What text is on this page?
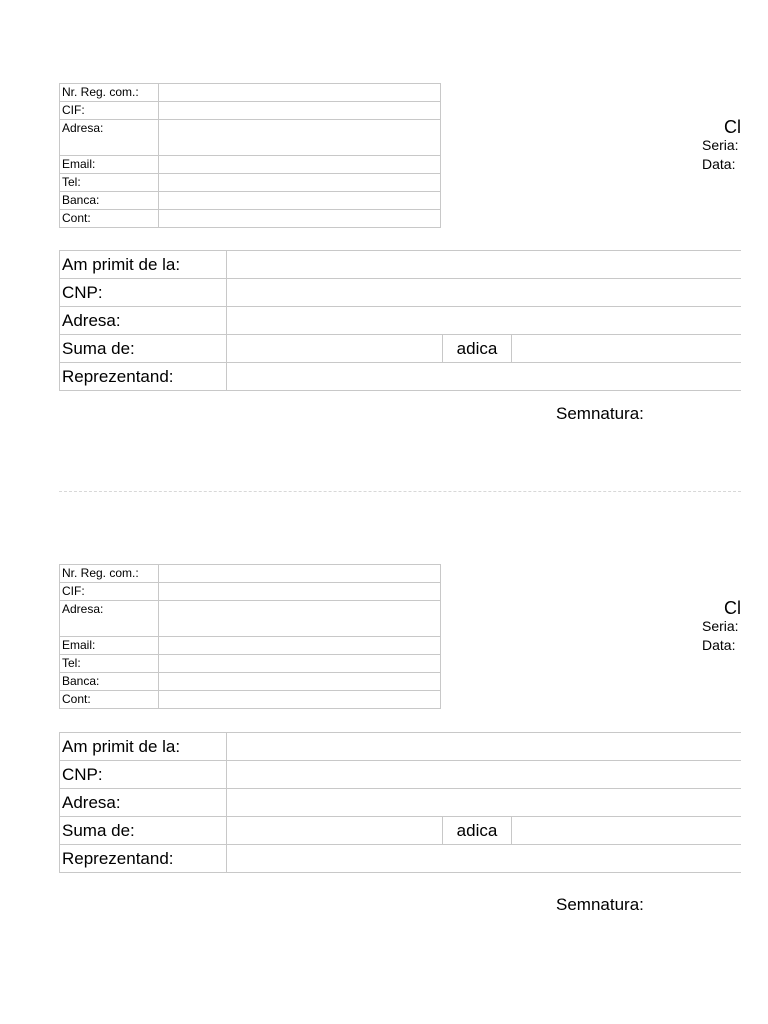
Nr. Reg. com.:	
CIF:	
Adresa:	
Email:	
Tel:	
Banca:	
Cont:	
Cl
Seria:
Data:
Am primit de la:			
CNP:			
Adresa:			
Suma de:		adica	
Reprezentand:			
Semnatura:
Nr. Reg. com.:	
CIF:	
Adresa:	
Email:	
Tel:	
Banca:	
Cont:	
Cl
Seria:
Data:
Am primit de la:			
CNP:			
Adresa:			
Suma de:		adica	
Reprezentand:			
Semnatura:
